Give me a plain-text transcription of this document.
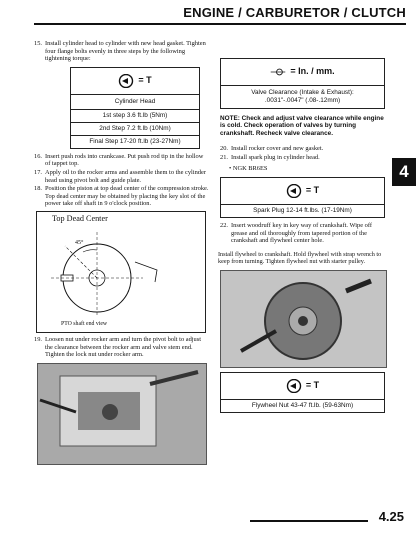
ENGINE / CARBURETOR / CLUTCH
15. Install cylinder head to cylinder with new head gasket. Tighten four flange bolts evenly in three steps by the following tightening torque:
= T
Cylinder Head
1st step 3.6 ft.lb (5Nm)
2nd Step 7.2 ft.lb (10Nm)
Final Step 17-20 ft.lb (23-27Nm)
16. Insert push rods into crankcase. Put push rod tip in the hollow of tappet top.
17. Apply oil to the rocker arms and assemble them to the cylinder head using pivot bolt and guide plate.
18. Position the piston at top dead center of the compression stroke. Top dead center may be obtained by placing the key slot of the power take off shaft in 9 o'clock position.
Top Dead Center
45°
PTO shaft end view
19. Loosen nut under rocker arm and turn the pivot bolt to adjust the clearance between the rocker arm and valve stem end. Tighten the lock nut under rocker arm.
= In. / mm.
Valve Clearance (Intake & Exhaust): .0031"-.0047" (.08-.12mm)
NOTE: Check and adjust valve clearance while engine is cold. Check operation of valves by turning crankshaft. Recheck valve clearance.
20. Install rocker cover and new gasket.
21. Install spark plug in cylinder head.
• NGK BR6ES
= T
Spark Plug 12-14 ft.lbs. (17-19Nm)
22. Insert woodruff key in key way of crankshaft. Wipe off grease and oil thoroughly from tapered portion of the crankshaft and flywheel center hole.
Install flywheel to crankshaft. Hold flywheel with strap wrench to keep from turning. Tighten flywheel nut with starter pulley.
= T
Flywheel Nut 43-47 ft.lb. (59-63Nm)
4
4.25
